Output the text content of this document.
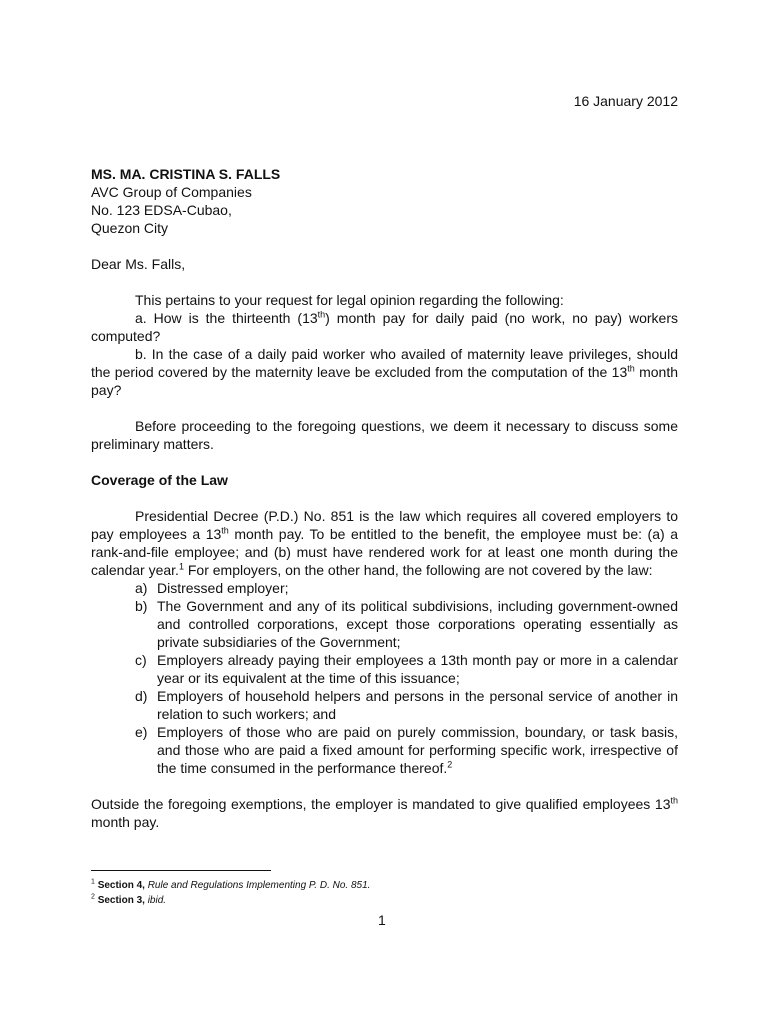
16 January 2012
MS. MA. CRISTINA S. FALLS
AVC Group of Companies
No. 123 EDSA-Cubao,
Quezon City
Dear Ms. Falls,

This pertains to your request for legal opinion regarding the following:

a. How is the thirteenth (13th) month pay for daily paid (no work, no pay) workers computed?

b. In the case of a daily paid worker who availed of maternity leave privileges, should the period covered by the maternity leave be excluded from the computation of the 13th month pay?

Before proceeding to the foregoing questions, we deem it necessary to discuss some preliminary matters.

Coverage of the Law

Presidential Decree (P.D.) No. 851 is the law which requires all covered employers to pay employees a 13th month pay. To be entitled to the benefit, the employee must be: (a) a rank-and-file employee; and (b) must have rendered work for at least one month during the calendar year.$^1$ For employers, on the other hand, the following are not covered by the law:

a) Distressed employer;
b) The Government and any of its political subdivisions, including government-owned and controlled corporations, except those corporations operating essentially as private subsidiaries of the Government;
c) Employers already paying their employees a 13th month pay or more in a calendar year or its equivalent at the time of this issuance;
d) Employers of household helpers and persons in the personal service of another in relation to such workers; and
e) Employers of those who are paid on purely commission, boundary, or task basis, and those who are paid a fixed amount for performing specific work, irrespective of the time consumed in the performance thereof.$^2$

Outside the foregoing exemptions, the employer is mandated to give qualified employees 13th month pay.

$^1$ Section 4, Rule and Regulations Implementing P. D. No. 851.
$^2$ Section 3, ibid.
1
